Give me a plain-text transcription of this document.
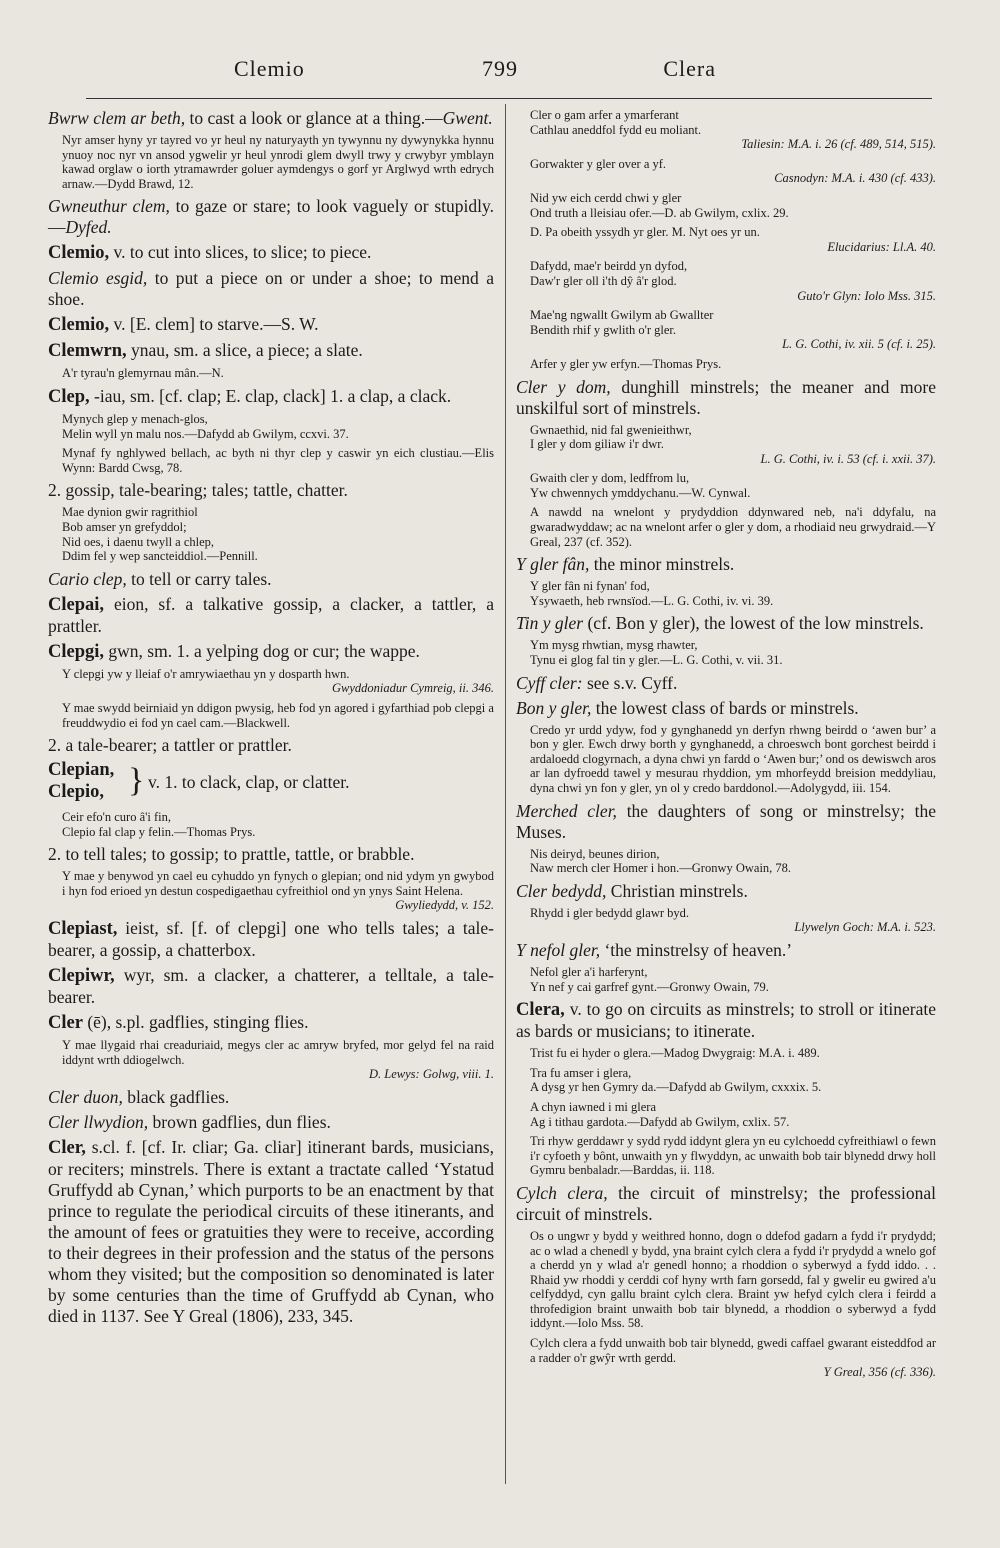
Clemio	799	Clera

Bwrw clem ar beth, to cast a look or glance at a thing.—Gwent.

Nyr amser hyny yr tayred vo yr heul ny naturyayth yn tywynnu ny dywynykka hynnu ynuoy noc nyr vn ansod ygwelir yr heul ynrodi glem dwyll trwy y crwybyr ymblayn kawad orglaw o iorth ytramawrder goluer aymdengys o gorf yr Arglwyd wrth edrych arnaw.—Dydd Brawd, 12.

Gwneuthur clem, to gaze or stare; to look vaguely or stupidly.—Dyfed.

Clemio, v. to cut into slices, to slice; to piece.

Clemio esgid, to put a piece on or under a shoe; to mend a shoe.

Clemio, v. [E. clem] to starve.—S. W.

Clemwrn, ynau, sm. a slice, a piece; a slate.

A'r tyrau'n glemyrnau mân.—N.

Clep, -iau, sm. [cf. clap; E. clap, clack] 1. a clap, a clack.

Mynych glep y menach-glos,
Melin wyll yn malu nos.—Dafydd ab Gwilym, ccxvi. 37.
Mynaf fy nghlywed bellach, ac byth ni thyr clep y caswir yn eich clustiau.—Elis Wynn: Bardd Cwsg, 78.

2. gossip, tale-bearing; tales; tattle, chatter.

Mae dynion gwir ragrithiol
Bob amser yn grefyddol;
Nid oes, i daenu twyll a chlep,
Ddim fel y wep sancteiddiol.—Pennill.

Cario clep, to tell or carry tales.

Clepai, eion, sf. a talkative gossip, a clacker, a tattler, a prattler.

Clepgi, gwn, sm. 1. a yelping dog or cur; the wappe.

Y clepgi yw y lleiaf o'r amrywiaethau yn y dosparth hwn.
Gwyddoniadur Cymreig, ii. 346.
Y mae swydd beirniaid yn ddigon pwysig, heb fod yn agored i gyfarthiad pob clepgi a freuddwydio ei fod yn cael cam.—Blackwell.

2. a tale-bearer; a tattler or prattler.

Clepian,
Clepio, } v. 1. to clack, clap, or clatter.
Ceir efo'n curo â'i fin,
Clepio fal clap y felin.—Thomas Prys.

2. to tell tales; to gossip; to prattle, tattle, or brabble.

Y mae y benywod yn cael eu cyhuddo yn fynych o glepian; ond nid ydym yn gwybod i hyn fod erioed yn destun cospedigaethau cyfreithiol ond yn ynys Saint Helena.
Gwyliedydd, v. 152.

Clepiast, ieist, sf. [f. of clepgi] one who tells tales; a tale-bearer, a gossip, a chatterbox.

Clepiwr, wyr, sm. a clacker, a chatterer, a telltale, a tale-bearer.

Cler (ē), s.pl. gadflies, stinging flies.

Y mae llygaid rhai creaduriaid, megys cler ac amryw bryfed, mor gelyd fel na raid iddynt wrth ddiogelwch.
D. Lewys: Golwg, viii. 1.

Cler duon, black gadflies.

Cler llwydion, brown gadflies, dun flies.

Cler, s.cl. f. [cf. Ir. cliar; Ga. cliar] itinerant bards, musicians, or reciters; minstrels. There is extant a tractate called ‘Ystatud Gruffydd ab Cynan,’ which purports to be an enactment by that prince to regulate the periodical circuits of these itinerants, and the amount of fees or gratuities they were to receive, according to their degrees in their profession and the status of the persons whom they visited; but the composition so denominated is later by some centuries than the time of Gruffydd ab Cynan, who died in 1137. See Y Greal (1806), 233, 345.

Cler o gam arfer a ymarferant
Cathlau aneddfol fydd eu moliant.
Taliesin: M.A. i. 26 (cf. 489, 514, 515).
Gorwakter y gler over a yf.
Casnodyn: M.A. i. 430 (cf. 433).
Nid yw eich cerdd chwi y gler
Ond truth a lleisiau ofer.—D. ab Gwilym, cxlix. 29.
D. Pa obeith yssydh yr gler. M. Nyt oes yr un.
Elucidarius: Ll.A. 40.
Dafydd, mae'r beirdd yn dyfod,
Daw'r gler oll i'th dŷ â'r glod.
Guto'r Glyn: Iolo Mss. 315.
Mae'ng ngwallt Gwilym ab Gwallter
Bendith rhif y gwlith o'r gler.
L. G. Cothi, iv. xii. 5 (cf. i. 25).
Arfer y gler yw erfyn.—Thomas Prys.

Cler y dom, dunghill minstrels; the meaner and more unskilful sort of minstrels.

Gwnaethid, nid fal gwenieithwr,
I gler y dom giliaw i'r dwr.
L. G. Cothi, iv. i. 53 (cf. i. xxii. 37).
Gwaith cler y dom, ledffrom lu,
Yw chwennych ymddychanu.—W. Cynwal.
A nawdd na wnelont y prydyddion ddynwared neb, na'i ddyfalu, na gwaradwyddaw; ac na wnelont arfer o gler y dom, a rhodiaid neu grwydraid.—Y Greal, 237 (cf. 352).

Y gler fân, the minor minstrels.

Y gler fân ni fynan' fod,
Ysywaeth, heb rwnsïod.—L. G. Cothi, iv. vi. 39.

Tin y gler (cf. Bon y gler), the lowest of the low minstrels.

Ym mysg rhwtian, mysg rhawter,
Tynu ei glog fal tin y gler.—L. G. Cothi, v. vii. 31.

Cyff cler: see s.v. Cyff.

Bon y gler, the lowest class of bards or minstrels.

Credo yr urdd ydyw, fod y gynghanedd yn derfyn rhwng beirdd o ‘awen bur’ a bon y gler. Ewch drwy borth y gynghanedd, a chroeswch bont gorchest beirdd i ardaloedd clogyrnach, a dyna chwi yn fardd o ‘Awen bur;’ ond os dewiswch aros ar lan dyfroedd tawel y mesurau rhyddion, ym mhorfeydd breision meddyliau, dyna chwi yn fon y gler, yn ol y credo barddonol.—Adolygydd, iii. 154.

Merched cler, the daughters of song or minstrelsy; the Muses.

Nis deiryd, beunes dirion,
Naw merch cler Homer i hon.—Gronwy Owain, 78.

Cler bedydd, Christian minstrels.

Rhydd i gler bedydd glawr byd.
Llywelyn Goch: M.A. i. 523.

Y nefol gler, ‘the minstrelsy of heaven.’

Nefol gler a'i harferynt,
Yn nef y cai garfref gynt.—Gronwy Owain, 79.

Clera, v. to go on circuits as minstrels; to stroll or itinerate as bards or musicians; to itinerate.

Trist fu ei hyder o glera.—Madog Dwygraig: M.A. i. 489.
Tra fu amser i glera,
A dysg yr hen Gymry da.—Dafydd ab Gwilym, cxxxix. 5.
A chyn iawned i mi glera
Ag i tithau gardota.—Dafydd ab Gwilym, cxlix. 57.
Tri rhyw gerddawr y sydd rydd iddynt glera yn eu cylchoedd cyfreithiawl o fewn i'r cyfoeth y bônt, unwaith yn y flwyddyn, ac unwaith bob tair blynedd drwy holl Gymru benbaladr.—Barddas, ii. 118.

Cylch clera, the circuit of minstrelsy; the professional circuit of minstrels.

Os o ungwr y bydd y weithred honno, dogn o ddefod gadarn a fydd i'r prydydd; ac o wlad a chenedl y bydd, yna braint cylch clera a fydd i'r prydydd a wnelo gof a cherdd yn y wlad a'r genedl honno; a rhoddion o syberwyd a fydd iddo. . . Rhaid yw rhoddi y cerddi cof hyny wrth farn gorsedd, fal y gwelir eu gwired a'u celfyddyd, cyn gallu braint cylch clera. Braint yw hefyd cylch clera i feirdd a throfedigion braint unwaith bob tair blynedd, a rhoddion o syberwyd a fydd iddynt.—Iolo Mss. 58.
Cylch clera a fydd unwaith bob tair blynedd, gwedi caffael gwarant eisteddfod ar a radder o'r gwŷr wrth gerdd.
Y Greal, 356 (cf. 336).
